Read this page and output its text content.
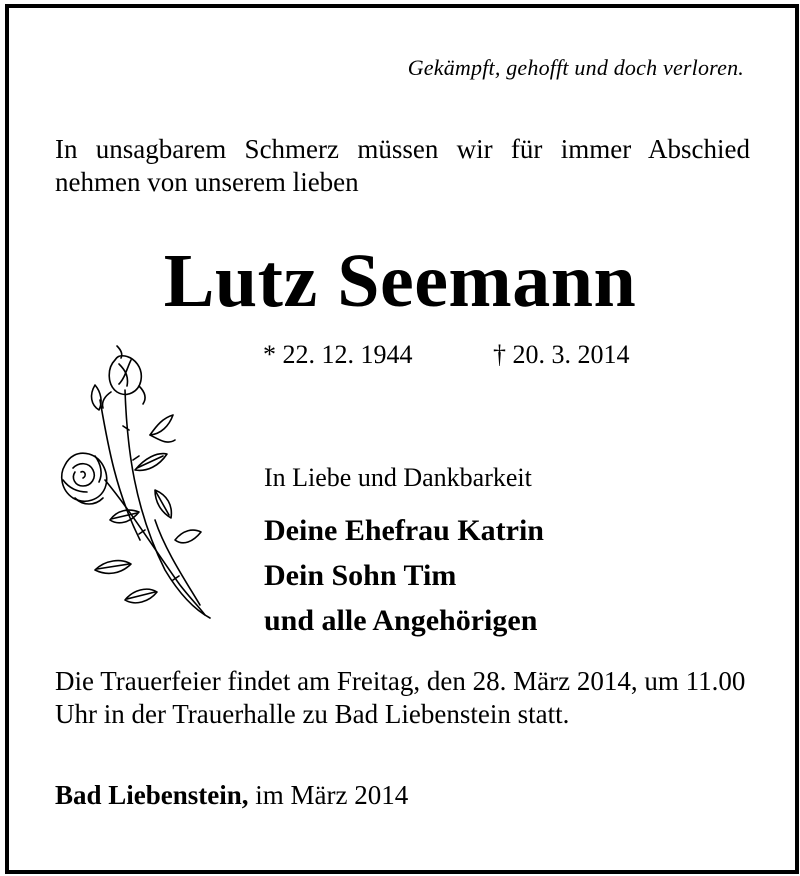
Gekämpft, gehofft und doch verloren.
In unsagbarem Schmerz müssen wir für immer Abschied nehmen von unserem lieben
Lutz Seemann
* 22. 12. 1944	† 20. 3. 2014
In Liebe und Dankbarkeit
Deine Ehefrau Katrin
Dein Sohn Tim
und alle Angehörigen
Die Trauerfeier findet am Freitag, den 28. März 2014, um 11.00 Uhr in der Trauerhalle zu Bad Liebenstein statt.
Bad Liebenstein, im März 2014
